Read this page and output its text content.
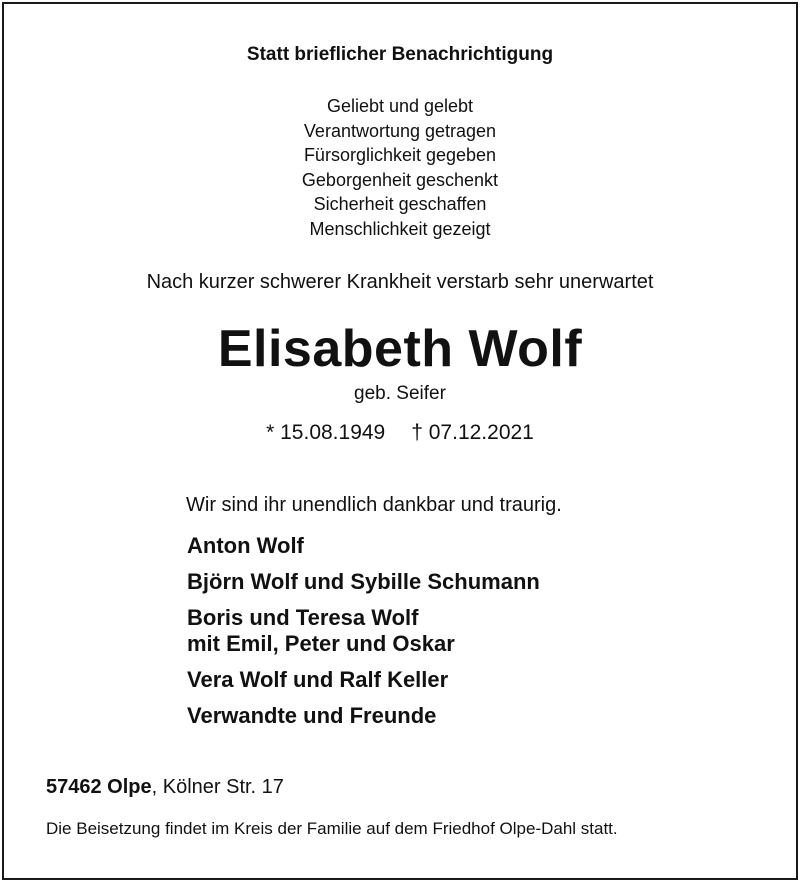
Statt brieflicher Benachrichtigung
Geliebt und gelebt
Verantwortung getragen
Fürsorglichkeit gegeben
Geborgenheit geschenkt
Sicherheit geschaffen
Menschlichkeit gezeigt
Nach kurzer schwerer Krankheit verstarb sehr unerwartet
Elisabeth Wolf
geb. Seifer
* 15.08.1949 † 07.12.2021
Wir sind ihr unendlich dankbar und traurig.
Anton Wolf
Björn Wolf und Sybille Schumann
Boris und Teresa Wolf
mit Emil, Peter und Oskar
Vera Wolf und Ralf Keller
Verwandte und Freunde
57462 Olpe, Kölner Str. 17
Die Beisetzung findet im Kreis der Familie auf dem Friedhof Olpe-Dahl statt.
